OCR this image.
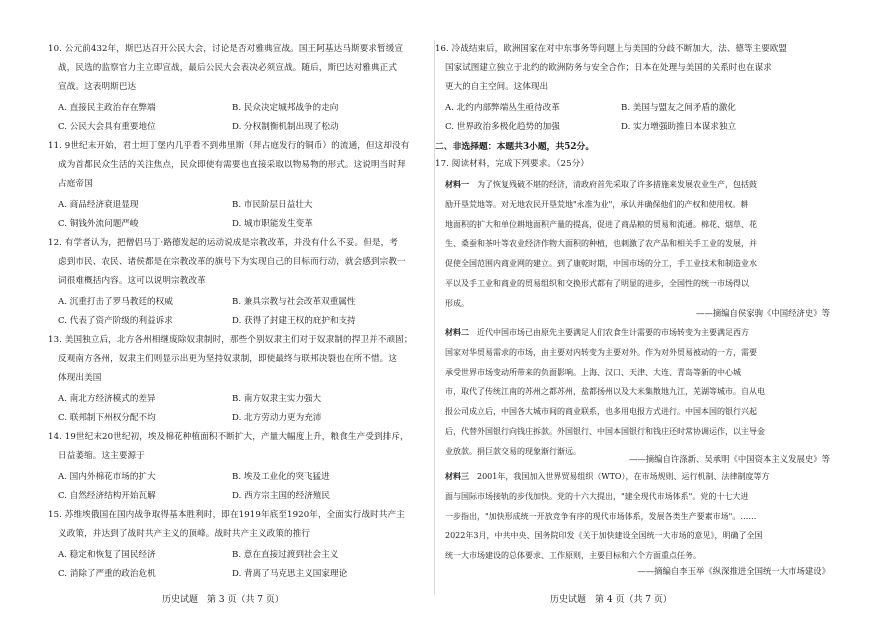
10. 公元前432年，斯巴达召开公民大会，讨论是否对雅典宣战。国王阿基达马斯要求暂缓宣

战，民选的监察官力主立即宣战，最后公民大会表决必须宣战。随后，斯巴达对雅典正式

宣战。这表明斯巴达

A. 直接民主政治存在弊端	B. 民众决定城邦战争的走向
C. 公民大会具有重要地位	D. 分权制衡机制出现了松动

11. 9世纪末开始，君士坦丁堡内几乎看不到弗里斯（拜占庭发行的铜币）的流通，但这却没有

成为首都民众生活的关注焦点，民众即使有需要也直接采取以物易物的形式。这说明当时拜

占庭帝国

A. 商品经济衰退显现	B. 市民阶层日益壮大
C. 铜钱外流问题严峻	D. 城市职能发生变革

12. 有学者认为，把僧侣马丁·路德发起的运动说成是宗教改革，并没有什么不妥。但是，考

虑到市民、农民、诸侯都是在宗教改革的旗号下为实现自己的目标而行动，就会感到宗教一

词很难概括内容。这可以说明宗教改革

A. 沉重打击了罗马教廷的权威	B. 兼具宗教与社会改革双重属性
C. 代表了资产阶级的利益诉求	D. 获得了封建王权的庇护和支持

13. 美国独立后，北方各州相继废除奴隶制时，那些个别奴隶主们对于奴隶制的捍卫并不顽固；

反观南方各州，奴隶主们则显示出更为坚持奴隶制，即使最终与联邦决裂也在所不惜。这

体现出美国

A. 南北方经济模式的差异	B. 南方奴隶主实力强大
C. 联邦制下州权分配不均	D. 北方劳动力更为充沛

14. 19世纪末20世纪初，埃及棉花种植面积不断扩大，产量大幅度上升，粮食生产受到排斥，

日益萎缩。这主要源于

A. 国内外棉花市场的扩大	B. 埃及工业化的突飞猛进
C. 自然经济结构开始瓦解	D. 西方宗主国的经济殖民

15. 苏维埃俄国在国内战争取得基本胜利时，即在1919年底至1920年，全面实行战时共产主

义政策，并达到了战时共产主义的顶峰。战时共产主义政策的推行

A. 稳定和恢复了国民经济	B. 意在直接过渡到社会主义
C. 消除了严重的政治危机	D. 背离了马克思主义国家理论
历史试题　第 3 页（共 7 页）

16. 冷战结束后，欧洲国家在对中东事务等问题上与美国的分歧不断加大，法、德等主要欧盟

国家试图建立独立于北约的欧洲防务与安全合作；日本在处理与美国的关系时也在谋求

更大的自主空间。这体现出

A. 北约内部弊端丛生亟待改革	B. 美国与盟友之间矛盾的激化
C. 世界政治多极化趋势的加强	D. 实力增强助推日本谋求独立
二、非选择题：本题共3小题，共52分。

17. 阅读材料，完成下列要求。（25分）

材料一　 为了恢复残破不堪的经济，清政府首先采取了许多措施来发展农业生产，包括鼓

励开垦荒地等。对无地农民开垦荒地"永准为业"，承认并确保他们的产权和使用权。耕

地面积的扩大和单位耕地面积产量的提高，促进了商品粮的贸易和流通。棉花、烟草、花

生、桑蚕和茶叶等农业经济作物大面积的种植，也刺激了农产品和相关手工业的发展，并

促使全国范围内商业网的建立。到了康乾时期，中国市场的分工，手工业技术和制造业水

平以及手工业和商业的贸易组织和交换形式都有了明显的进步，全国性的统一市场得以

形成。

——摘编自侯家驹《中国经济史》等

材料二　 近代中国市场已由原先主要满足人们农食生计需要的市场转变为主要满足西方

国家对华贸易需求的市场，由主要对内转变为主要对外。作为对外贸易被动的一方，需要

承受世界市场变动所带来的负面影响。上海、汉口、天津、大连、青岛等新的中心城

市，取代了传统江南的苏州之都苏州，盐都扬州以及大米集散地九江，芜湖等城市。自从电

报公司成立后，中国各大城市间的商业联系，也多用电报方式进行。中国本国的银行兴起

后，代替外国银行向钱庄拆款。外国银行、中国本国银行和钱庄还时常协调运作，以主导金

业放款。捐巨款交易的现象渐行渐远。

——摘编自许涤新、吴承明《中国资本主义发展史》等

材料三　 2001年，我国加入世界贸易组织（WTO），在市场规则、运行机制、法律制度等方

面与国际市场接轨的步伐加快。党的十六大提出，"建全现代市场体系"。党的十七大进

一步指出，"加快形成统一开放竞争有序的现代市场体系，发展各类生产要素市场"。……

2022年3月，中共中央、国务院印发《关于加快建设全国统一大市场的意见》，明确了全国

统一大市场建设的总体要求、工作原则，主要目标和六个方面重点任务。

——摘编自李玉举《纵深推进全国统一大市场建设》
历史试题　第 4 页（共 7 页）
